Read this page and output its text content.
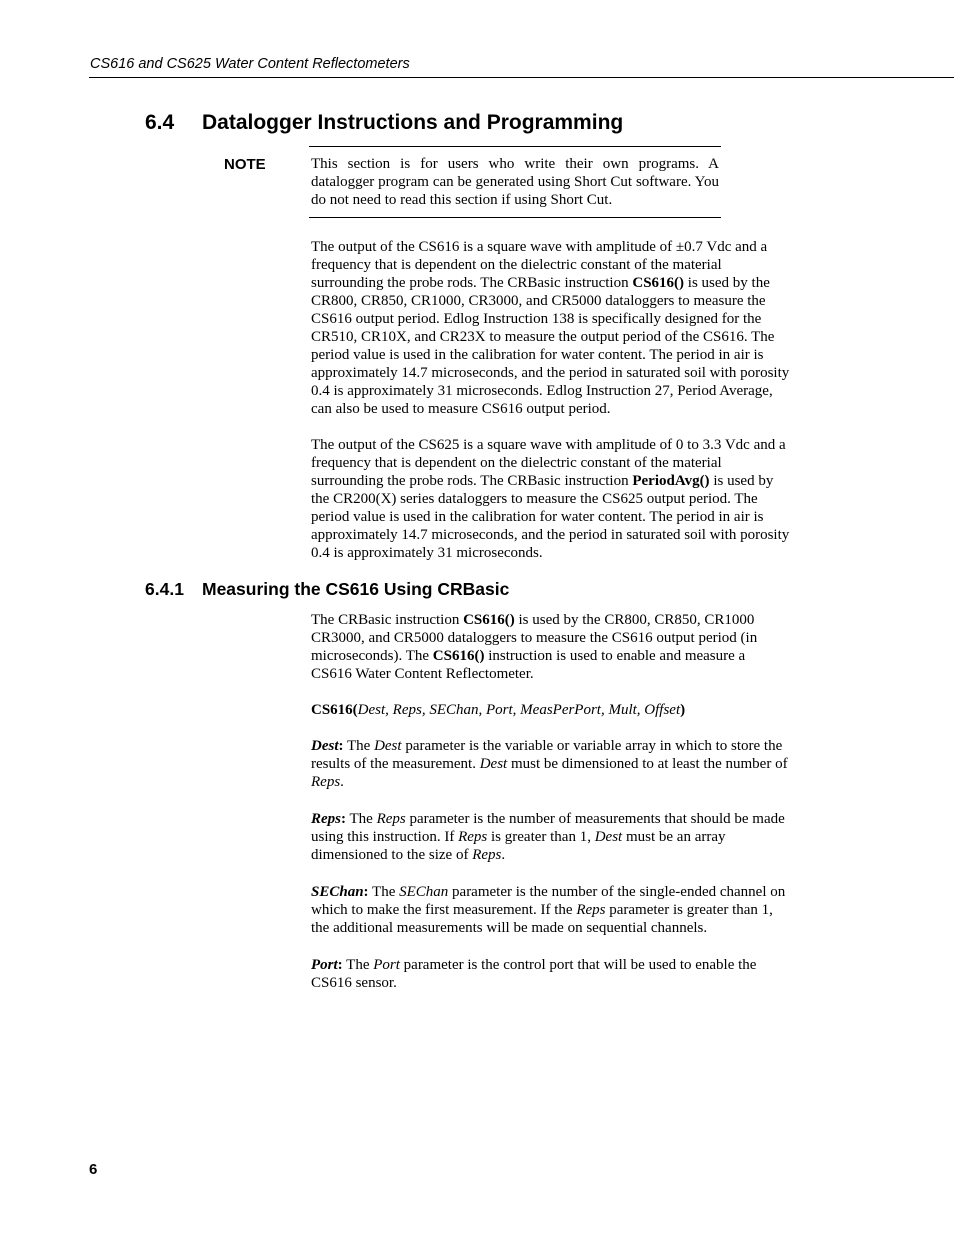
CS616 and CS625 Water Content Reflectometers
6.4 Datalogger Instructions and Programming
NOTE	This section is for users who write their own programs. A datalogger program can be generated using Short Cut software. You do not need to read this section if using Short Cut.

The output of the CS616 is a square wave with amplitude of ±0.7 Vdc and a
frequency that is dependent on the dielectric constant of the material
surrounding the probe rods. The CRBasic instruction CS616() is used by the
CR800, CR850, CR1000, CR3000, and CR5000 dataloggers to measure the
CS616 output period. Edlog Instruction 138 is specifically designed for the
CR510, CR10X, and CR23X to measure the output period of the CS616. The
period value is used in the calibration for water content. The period in air is
approximately 14.7 microseconds, and the period in saturated soil with porosity
0.4 is approximately 31 microseconds. Edlog Instruction 27, Period Average,
can also be used to measure CS616 output period.

The output of the CS625 is a square wave with amplitude of 0 to 3.3 Vdc and a
frequency that is dependent on the dielectric constant of the material
surrounding the probe rods. The CRBasic instruction PeriodAvg() is used by
the CR200(X) series dataloggers to measure the CS625 output period. The
period value is used in the calibration for water content. The period in air is
approximately 14.7 microseconds, and the period in saturated soil with porosity
0.4 is approximately 31 microseconds.

6.4.1 Measuring the CS616 Using CRBasic

The CRBasic instruction CS616() is used by the CR800, CR850, CR1000
CR3000, and CR5000 dataloggers to measure the CS616 output period (in
microseconds). The CS616() instruction is used to enable and measure a
CS616 Water Content Reflectometer.

CS616(Dest, Reps, SEChan, Port, MeasPerPort, Mult, Offset)

Dest: The Dest parameter is the variable or variable array in which to store the
results of the measurement. Dest must be dimensioned to at least the number of
Reps.

Reps: The Reps parameter is the number of measurements that should be made
using this instruction. If Reps is greater than 1, Dest must be an array
dimensioned to the size of Reps.

SEChan: The SEChan parameter is the number of the single-ended channel on
which to make the first measurement. If the Reps parameter is greater than 1,
the additional measurements will be made on sequential channels.

Port: The Port parameter is the control port that will be used to enable the
CS616 sensor.

6
